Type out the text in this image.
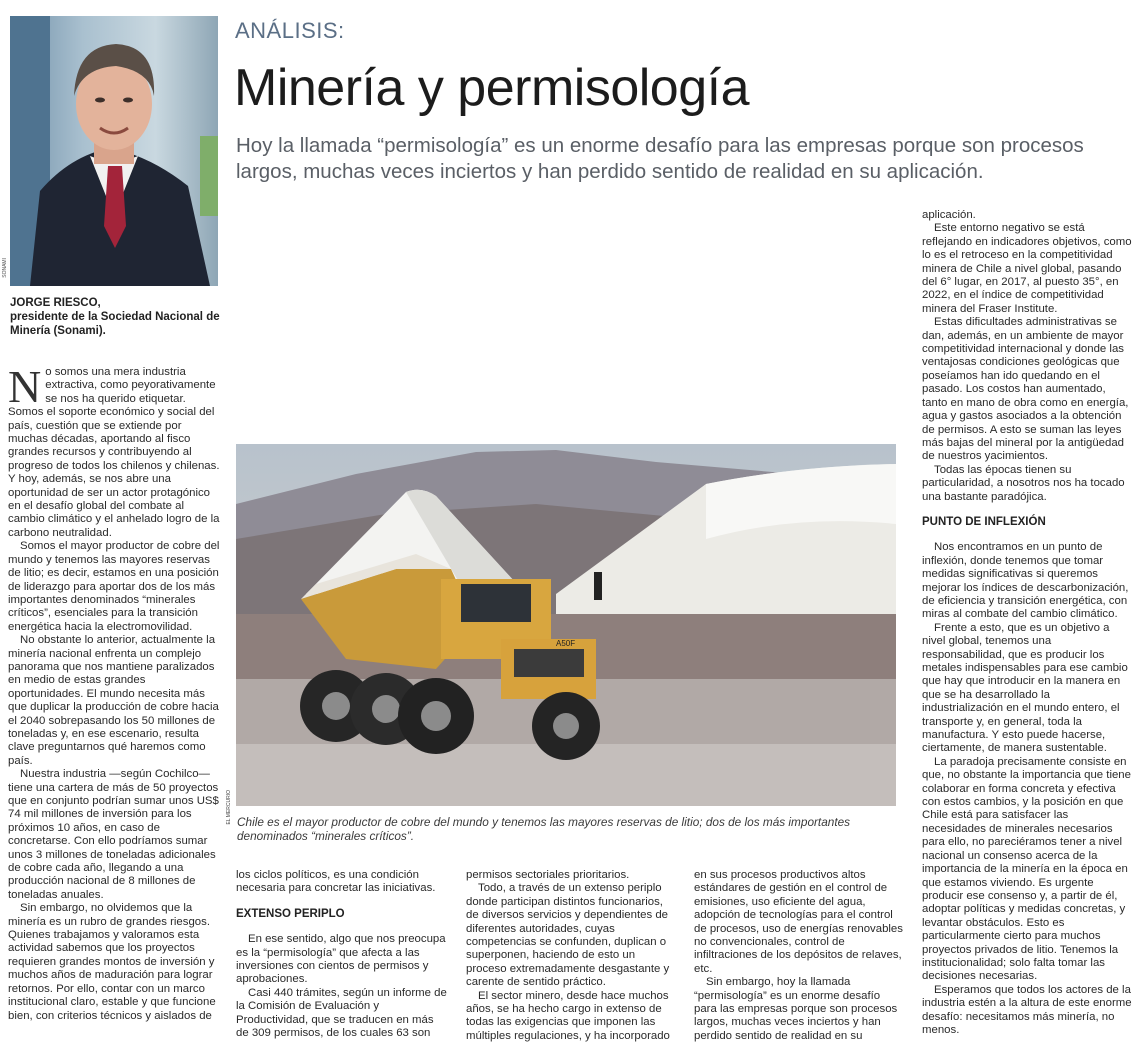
ANÁLISIS:
Minería y permisología
Hoy la llamada “permisología” es un enorme desafío para las empresas porque son procesos largos, muchas veces inciertos y han perdido sentido de realidad en su aplicación.
SONAMI
JORGE RIESCO,
presidente de la Sociedad Nacional de Minería (Sonami).

No somos una mera industria extractiva, como peyorativamente se nos ha querido etiquetar. Somos el soporte económico y social del país, cuestión que se extiende por muchas décadas, aportando al fisco grandes recursos y contribuyendo al progreso de todos los chilenos y chilenas. Y hoy, además, se nos abre una oportunidad de ser un actor protagónico en el desafío global del combate al cambio climático y el anhelado logro de la carbono neutralidad.

Somos el mayor productor de cobre del mundo y tenemos las mayores reservas de litio; es decir, estamos en una posición de liderazgo para aportar dos de los más importantes denominados “minerales críticos”, esenciales para la transición energética hacia la electromovilidad.

No obstante lo anterior, actualmente la minería nacional enfrenta un complejo panorama que nos mantiene paralizados en medio de estas grandes oportunidades. El mundo necesita más que duplicar la producción de cobre hacia el 2040 sobrepasando los 50 millones de toneladas y, en ese escenario, resulta clave preguntarnos qué haremos como país.

Nuestra industria —según Cochilco— tiene una cartera de más de 50 proyectos que en conjunto podrían sumar unos US$ 74 mil millones de inversión para los próximos 10 años, en caso de concretarse. Con ello podríamos sumar unos 3 millones de toneladas adicionales de cobre cada año, llegando a una producción nacional de 8 millones de toneladas anuales.

Sin embargo, no olvidemos que la minería es un rubro de grandes riesgos. Quienes trabajamos y valoramos esta actividad sabemos que los proyectos requieren grandes montos de inversión y muchos años de maduración para lograr retornos. Por ello, contar con un marco institucional claro, estable y que funcione bien, con criterios técnicos y aislados de

A50F
EL MERCURIO Chile es el mayor productor de cobre del mundo y tenemos las mayores reservas de litio; dos de los más importantes denominados “minerales críticos”.

los ciclos políticos, es una condición necesaria para concretar las iniciativas.

EXTENSO PERIPLO

En ese sentido, algo que nos preocupa es la “permisología” que afecta a las inversiones con cientos de permisos y aprobaciones.

Casi 440 trámites, según un informe de la Comisión de Evaluación y Productividad, que se traducen en más de 309 permisos, de los cuales 63 son

permisos sectoriales prioritarios.

Todo, a través de un extenso periplo donde participan distintos funcionarios, de diversos servicios y dependientes de diferentes autoridades, cuyas competencias se confunden, duplican o superponen, haciendo de esto un proceso extremadamente desgastante y carente de sentido práctico.

El sector minero, desde hace muchos años, se ha hecho cargo in extenso de todas las exigencias que imponen las múltiples regulaciones, y ha incorporado

en sus procesos productivos altos estándares de gestión en el control de emisiones, uso eficiente del agua, adopción de tecnologías para el control de procesos, uso de energías renovables no convencionales, control de infiltraciones de los depósitos de relaves, etc.

Sin embargo, hoy la llamada “permisología” es un enorme desafío para las empresas porque son procesos largos, muchas veces inciertos y han perdido sentido de realidad en su

aplicación.

Este entorno negativo se está reflejando en indicadores objetivos, como lo es el retroceso en la competitividad minera de Chile a nivel global, pasando del 6° lugar, en 2017, al puesto 35°, en 2022, en el índice de competitividad minera del Fraser Institute.

Estas dificultades administrativas se dan, además, en un ambiente de mayor competitividad internacional y donde las ventajosas condiciones geológicas que poseíamos han ido quedando en el pasado. Los costos han aumentado, tanto en mano de obra como en energía, agua y gastos asociados a la obtención de permisos. A esto se suman las leyes más bajas del mineral por la antigüedad de nuestros yacimientos.

Todas las épocas tienen su particularidad, a nosotros nos ha tocado una bastante paradójica.

PUNTO DE INFLEXIÓN

Nos encontramos en un punto de inflexión, donde tenemos que tomar medidas significativas si queremos mejorar los índices de descarbonización, de eficiencia y transición energética, con miras al combate del cambio climático.

Frente a esto, que es un objetivo a nivel global, tenemos una responsabilidad, que es producir los metales indispensables para ese cambio que hay que introducir en la manera en que se ha desarrollado la industrialización en el mundo entero, el transporte y, en general, toda la manufactura. Y esto puede hacerse, ciertamente, de manera sustentable.

La paradoja precisamente consiste en que, no obstante la importancia que tiene colaborar en forma concreta y efectiva con estos cambios, y la posición en que Chile está para satisfacer las necesidades de minerales necesarios para ello, no pareciéramos tener a nivel nacional un consenso acerca de la importancia de la minería en la época en que estamos viviendo. Es urgente producir ese consenso y, a partir de él, adoptar políticas y medidas concretas, y levantar obstáculos. Esto es particularmente cierto para muchos proyectos privados de litio. Tenemos la institucionalidad; solo falta tomar las decisiones necesarias.

Esperamos que todos los actores de la industria estén a la altura de este enorme desafío: necesitamos más minería, no menos.
